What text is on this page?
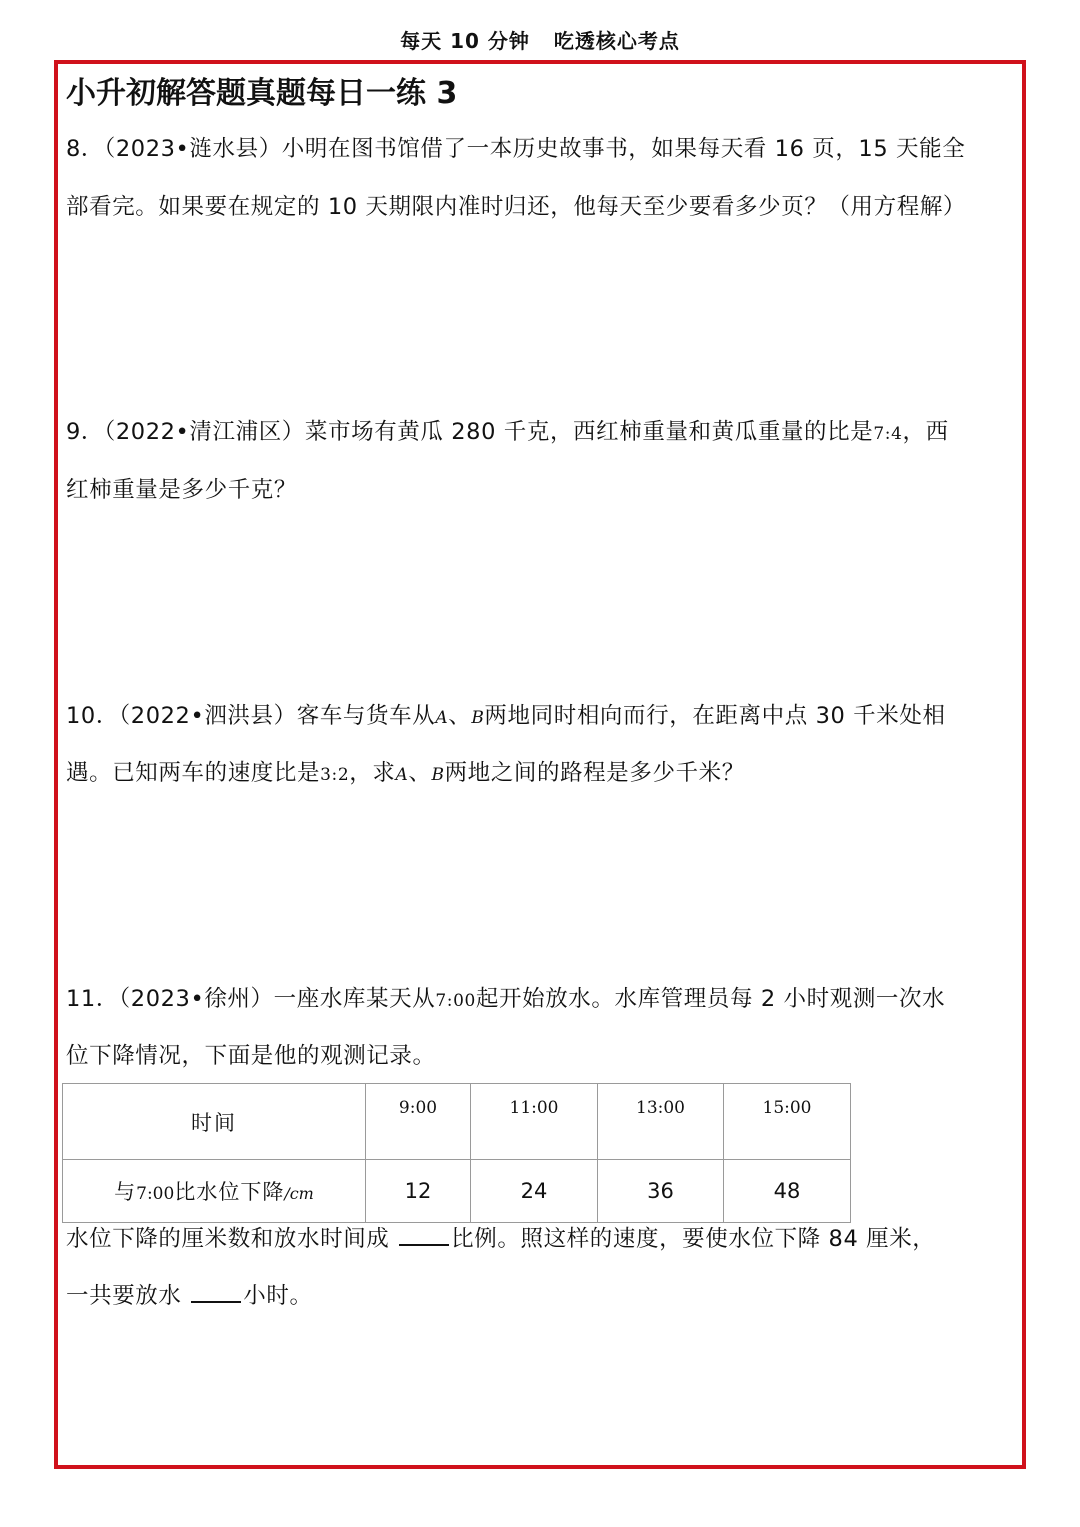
每天 10 分钟   吃透核心考点
小升初解答题真题每日一练 3
8．（2023•涟水县）小明在图书馆借了一本历史故事书，如果每天看 16 页，15 天能全
部看完。如果要在规定的 10 天期限内准时归还，他每天至少要看多少页？（用方程解）
9．（2022•清江浦区）菜市场有黄瓜 280 千克，西红柿重量和黄瓜重量的比是7:4，西
红柿重量是多少千克？
10．（2022•泗洪县）客车与货车从A、B两地同时相向而行，在距离中点 30 千米处相
遇。已知两车的速度比是3:2，求A、B两地之间的路程是多少千米？
11．（2023•徐州）一座水库某天从7:00起开始放水。水库管理员每 2 小时观测一次水
位下降情况，下面是他的观测记录。
时间	9:00	11:00	13:00	15:00
与7:00比水位下降/cm	12	24	36	48
水位下降的厘米数和放水时间成	比例。照这样的速度，要使水位下降 84 厘米，
一共要放水	小时。
